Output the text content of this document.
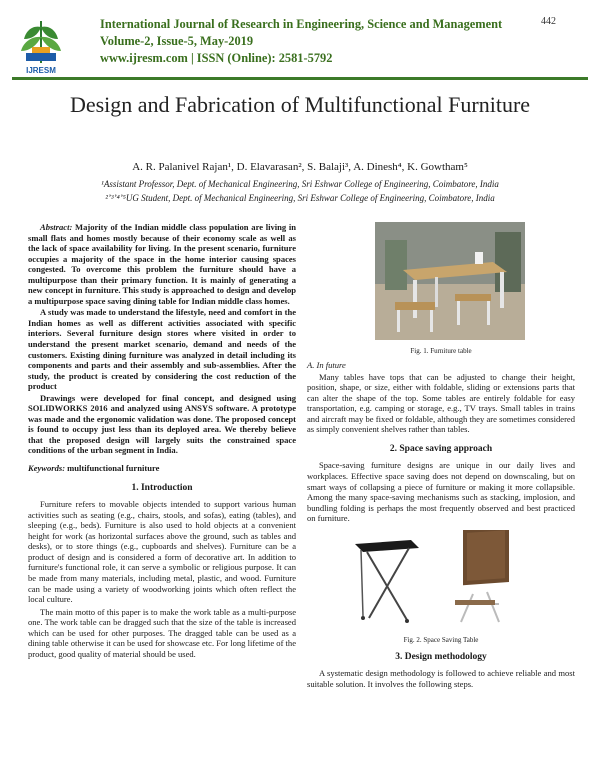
IJRESM
International Journal of Research in Engineering, Science and Management
Volume-2, Issue-5, May-2019
www.ijresm.com | ISSN (Online): 2581-5792
442
Design and Fabrication of Multifunctional Furniture
A. R. Palanivel Rajan¹, D. Elavarasan², S. Balaji³, A. Dinesh⁴, K. Gowtham⁵
¹Assistant Professor, Dept. of Mechanical Engineering, Sri Eshwar College of Engineering, Coimbatore, India
²ʼ³ʼ⁴ʼ⁵UG Student, Dept. of Mechanical Engineering, Sri Eshwar College of Engineering, Coimbatore, India

Abstract: Majority of the Indian middle class population are living in small flats and homes mostly because of their economy scale as well as the lack of space availability for living. In the present scenario, furniture occupies a majority of the space in the home interior causing spaces congested. To overcome this problem the furniture should have a multipurpose than their primary function. It is mainly of generating a new concept in furniture. This study is approached to design and develop a multipurpose space saving dining table for Indian middle class homes.

A study was made to understand the lifestyle, need and comfort in the Indian homes as well as different activities associated with specific interiors. Several furniture design stores where visited in order to understand the present market scenario, demand and needs of the customers. Existing dining furniture was analyzed in detail including its components and parts and their assembly and sub-assemblies. After the study, the product is created by considering the cost reduction of the product

Drawings were developed for final concept, and designed using SOLIDWORKS 2016 and analyzed using ANSYS software. A prototype was made and the ergonomic validation was done. The proposed concept is found to occupy just less than its deployed area. We thereby believe that the proposed design will largely suits the constrained space conditions of the urban segment in India.

Keywords: multifunctional furniture

1. Introduction

Furniture refers to movable objects intended to support various human activities such as seating (e.g., chairs, stools, and sofas), eating (tables), and sleeping (e.g., beds). Furniture is also used to hold objects at a convenient height for work (as horizontal surfaces above the ground, such as tables and desks), or to store things (e.g., cupboards and shelves). Furniture can be a product of design and is considered a form of decorative art. In addition to furniture's functional role, it can serve a symbolic or religious purpose. It can be made from many materials, including metal, plastic, and wood. Furniture can be made using a variety of woodworking joints which often reflect the local culture.

The main motto of this paper is to make the work table as a multi-purpose one. The work table can be dragged such that the size of the table is increased which can be used for other purposes. The dragged table can be used as a dining table otherwise it can be used for showcase etc. For long lifetime of the product, good quality of material should be used.

Fig. 1. Furniture table
A. In future

Many tables have tops that can be adjusted to change their height, position, shape, or size, either with foldable, sliding or extensions parts that can alter the shape of the top. Some tables are entirely foldable for easy transportation, e.g. camping or storage, e.g., TV trays. Small tables in trains and aircraft may be fixed or foldable, although they are sometimes considered as simply convenient shelves rather than tables.

2. Space saving approach

Space-saving furniture designs are unique in our daily lives and workplaces. Effective space saving does not depend on downscaling, but on smart ways of collapsing a piece of furniture or making it more collapsible. Among the many space-saving mechanisms such as stacking, implosion, and bundling folding is perhaps the most frequently observed and best practiced on furniture.

Fig. 2. Space Saving Table
3. Design methodology

A systematic design methodology is followed to achieve reliable and most suitable solution. It involves the following steps.
